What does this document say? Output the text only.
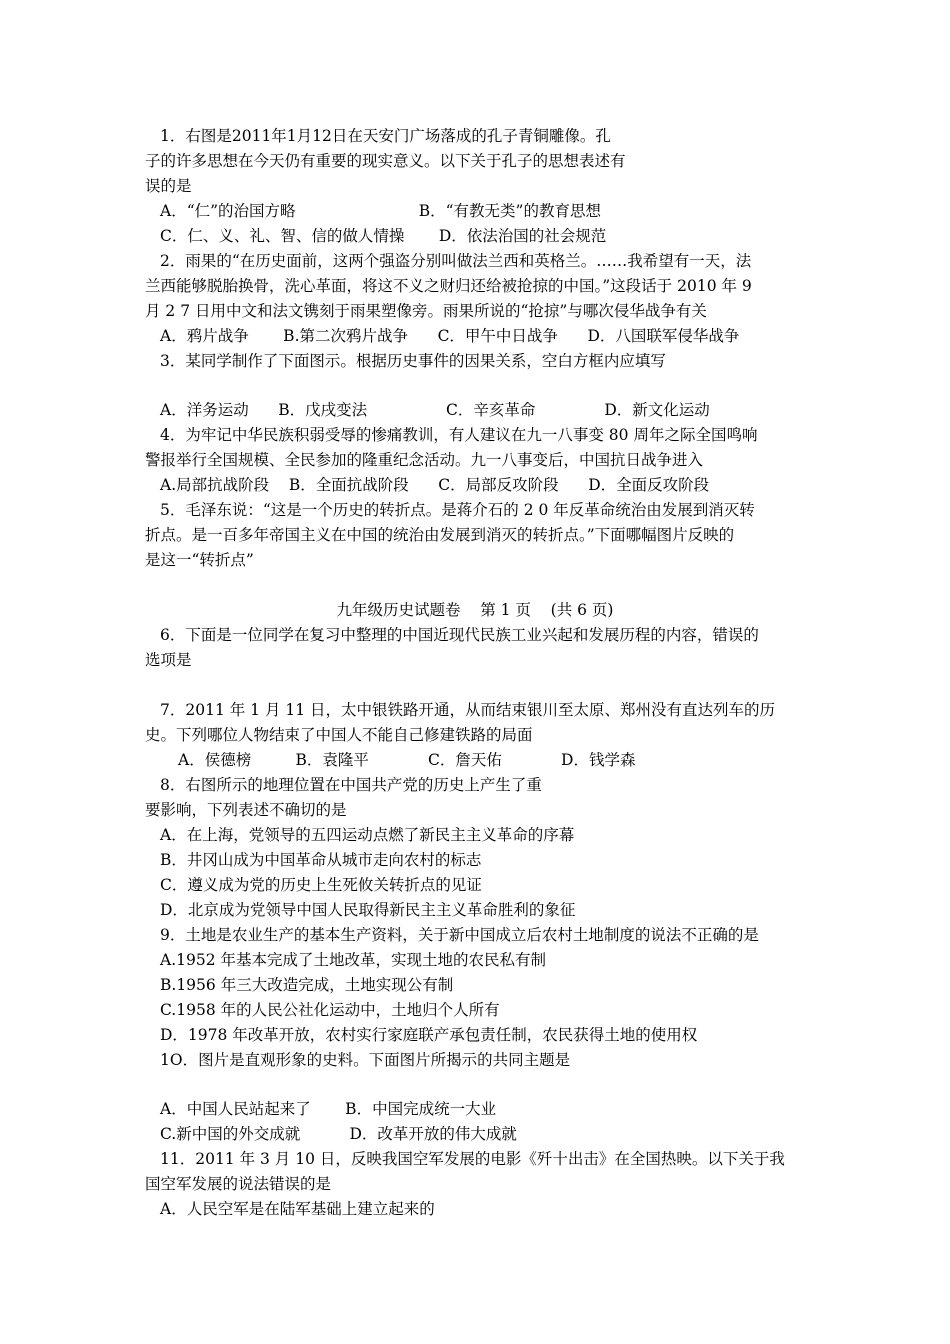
1．右图是2011年1月12日在天安门广场落成的孔子青铜雕像。孔
子的许多思想在今天仍有重要的现实意义。以下关于孔子的思想表述有
误的是
A．“仁”的治国方略                         B．“有教无类”的教育思想
C．仁、义、礼、智、信的做人情操       D．依法治国的社会规范
2．雨果的“在历史面前，这两个强盗分别叫做法兰西和英格兰。……我希望有一天，法
兰西能够脱胎换骨，洗心革面，将这不义之财归还给被抢掠的中国。”这段话于 2010 年 9
月 2 7 日用中文和法文镌刻于雨果塑像旁。雨果所说的“抢掠”与哪次侵华战争有关
A．鸦片战争       B.第二次鸦片战争      C．甲午中日战争      D．八国联军侵华战争
3．某同学制作了下面图示。根据历史事件的因果关系，空白方框内应填写
A．洋务运动      B．戊戌变法                C．辛亥革命              D．新文化运动
4．为牢记中华民族积弱受辱的惨痛教训，有人建议在九一八事变 80 周年之际全国鸣响
警报举行全国规模、全民参加的隆重纪念活动。九一八事变后，中国抗日战争进入
A.局部抗战阶段    B．全面抗战阶段      C．局部反攻阶段      D．全面反攻阶段
5．毛泽东说：“这是一个历史的转折点。是蒋介石的 2 0 年反革命统治由发展到消灭转
折点。是一百多年帝国主义在中国的统治由发展到消灭的转折点。”下面哪幅图片反映的
是这一“转折点”
九年级历史试题卷    第 1 页    (共 6 页)
6．下面是一位同学在复习中整理的中国近现代民族工业兴起和发展历程的内容，错误的
选项是
7．2011 年 1 月 11 日，太中银铁路开通，从而结束银川至太原、郑州没有直达列车的历
史。下列哪位人物结束了中国人不能自己修建铁路的局面
A．侯德榜         B．袁隆平            C．詹天佑            D．钱学森
8．右图所示的地理位置在中国共产党的历史上产生了重
要影响，下列表述不确切的是
A．在上海，党领导的五四运动点燃了新民主主义革命的序幕
B．井冈山成为中国革命从城市走向农村的标志
C．遵义成为党的历史上生死攸关转折点的见证
D．北京成为党领导中国人民取得新民主主义革命胜利的象征
9．土地是农业生产的基本生产资料，关于新中国成立后农村土地制度的说法不正确的是
A.1952 年基本完成了土地改革，实现土地的农民私有制
B.1956 年三大改造完成，土地实现公有制
C.1958 年的人民公社化运动中，土地归个人所有
D．1978 年改革开放，农村实行家庭联产承包责任制，农民获得土地的使用权
1O．图片是直观形象的史料。下面图片所揭示的共同主题是
A．中国人民站起来了       B．中国完成统一大业
C.新中国的外交成就          D．改革开放的伟大成就
11．2011 年 3 月 10 日，反映我国空军发展的电影《歼十出击》在全国热映。以下关于我
国空军发展的说法错误的是
A．人民空军是在陆军基础上建立起来的
